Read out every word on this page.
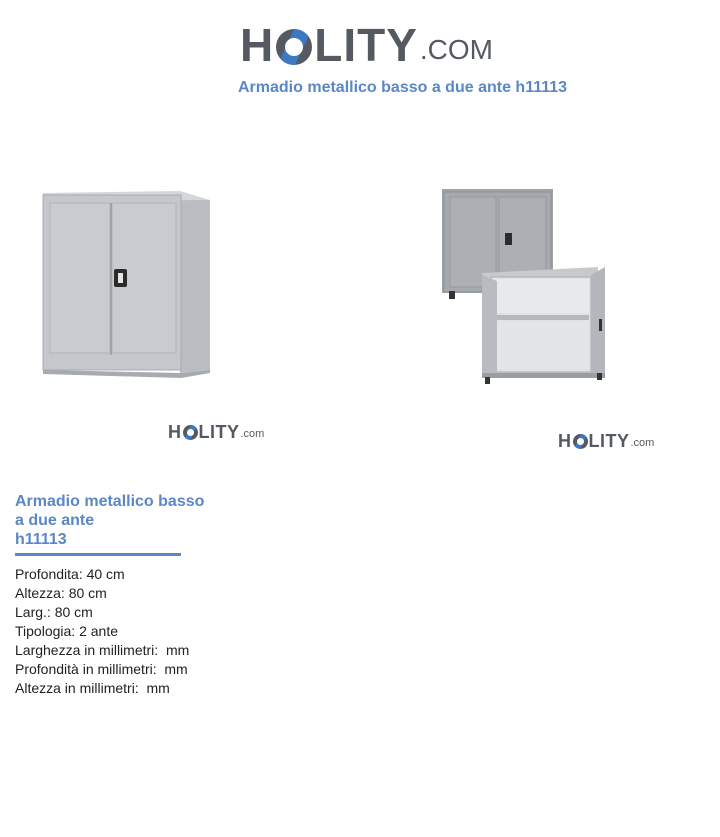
H LITY .COM
Armadio metallico basso a due ante h11113
H LITY .com	H LITY .com
Armadio metallico basso
a due ante
h11113
Profondita: 40 cm
Altezza: 80 cm
Larg.: 80 cm
Tipologia: 2 ante
Larghezza in millimetri:  mm
Profondità in millimetri:  mm
Altezza in millimetri:  mm
